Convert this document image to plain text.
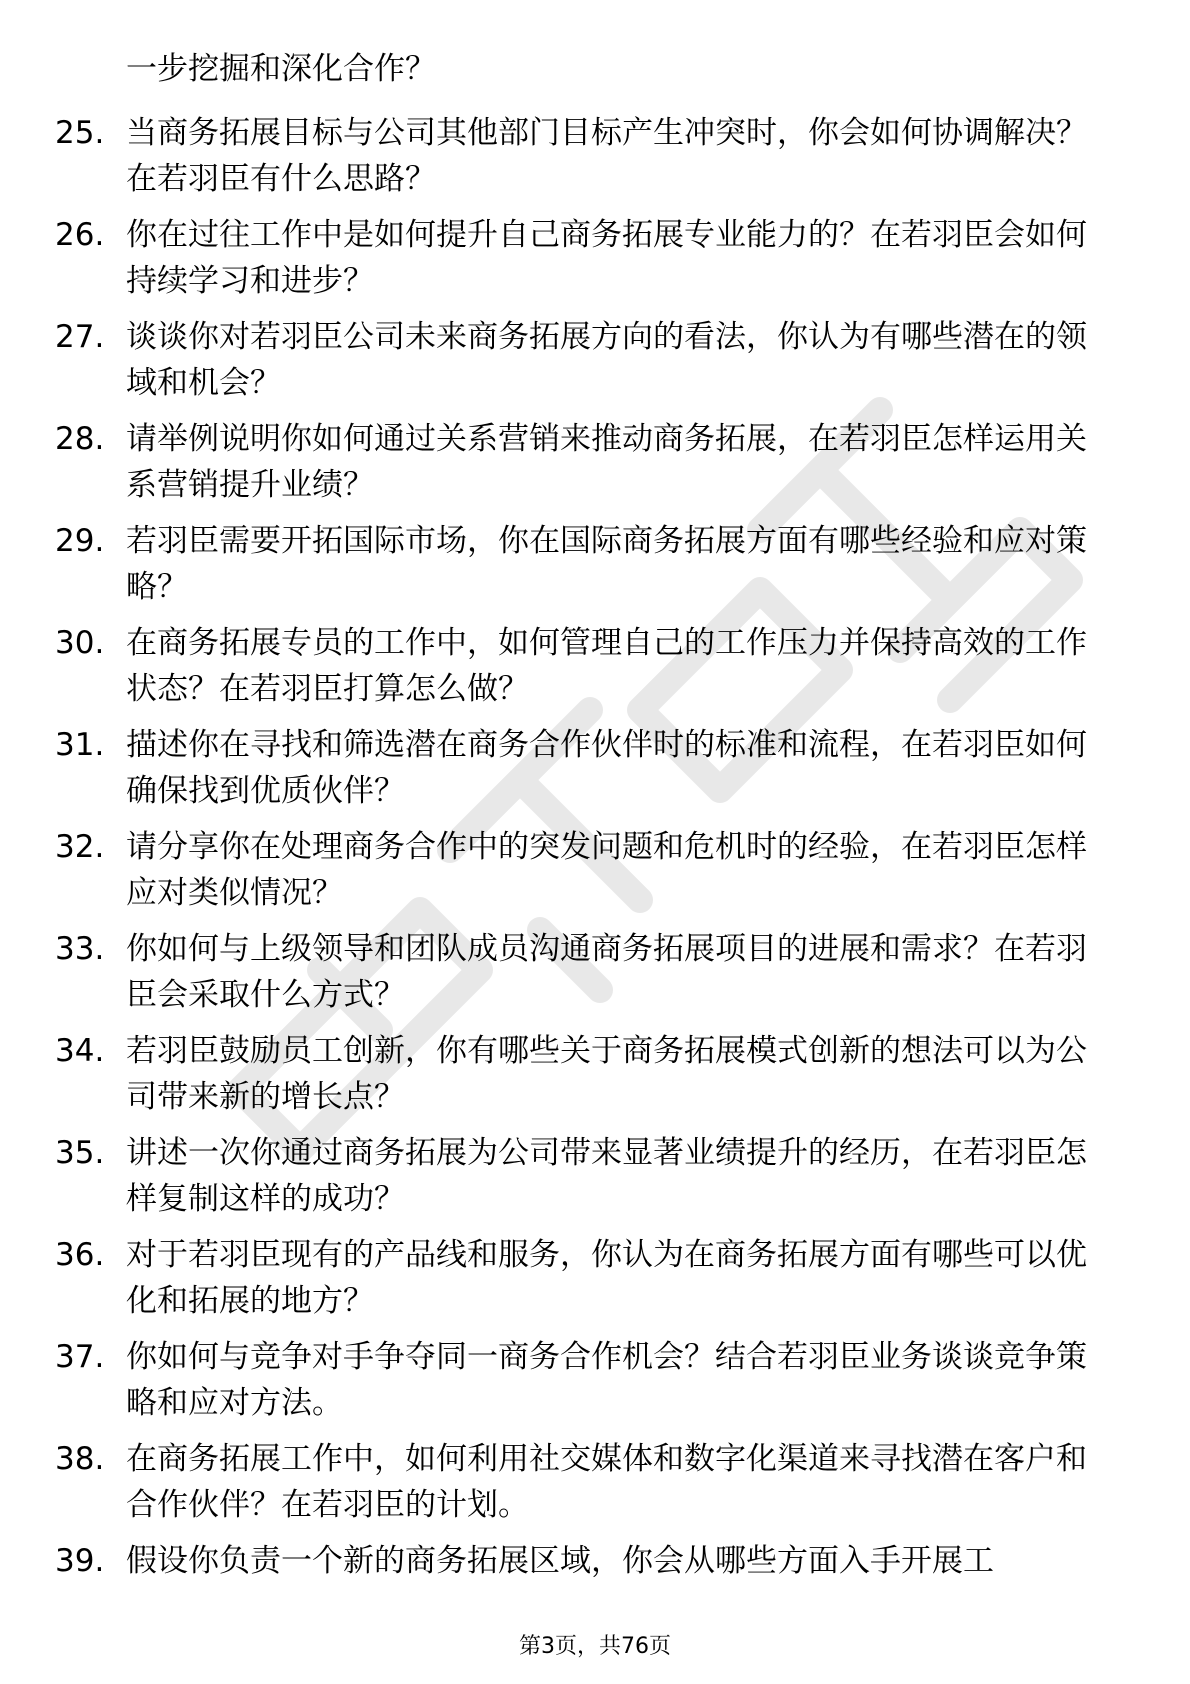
一步挖掘和深化合作？
25. 当商务拓展目标与公司其他部门目标产生冲突时，你会如何协调解决？在若羽臣有什么思路？
26. 你在过往工作中是如何提升自己商务拓展专业能力的？在若羽臣会如何持续学习和进步？
27. 谈谈你对若羽臣公司未来商务拓展方向的看法，你认为有哪些潜在的领域和机会？
28. 请举例说明你如何通过关系营销来推动商务拓展，在若羽臣怎样运用关系营销提升业绩？
29. 若羽臣需要开拓国际市场，你在国际商务拓展方面有哪些经验和应对策略？
30. 在商务拓展专员的工作中，如何管理自己的工作压力并保持高效的工作状态？在若羽臣打算怎么做？
31. 描述你在寻找和筛选潜在商务合作伙伴时的标准和流程，在若羽臣如何确保找到优质伙伴？
32. 请分享你在处理商务合作中的突发问题和危机时的经验，在若羽臣怎样应对类似情况？
33. 你如何与上级领导和团队成员沟通商务拓展项目的进展和需求？在若羽臣会采取什么方式？
34. 若羽臣鼓励员工创新，你有哪些关于商务拓展模式创新的想法可以为公司带来新的增长点？
35. 讲述一次你通过商务拓展为公司带来显著业绩提升的经历，在若羽臣怎样复制这样的成功？
36. 对于若羽臣现有的产品线和服务，你认为在商务拓展方面有哪些可以优化和拓展的地方？
37. 你如何与竞争对手争夺同一商务合作机会？结合若羽臣业务谈谈竞争策略和应对方法。
38. 在商务拓展工作中，如何利用社交媒体和数字化渠道来寻找潜在客户和合作伙伴？在若羽臣的计划。
39. 假设你负责一个新的商务拓展区域，你会从哪些方面入手开展工
第3页，共76页
